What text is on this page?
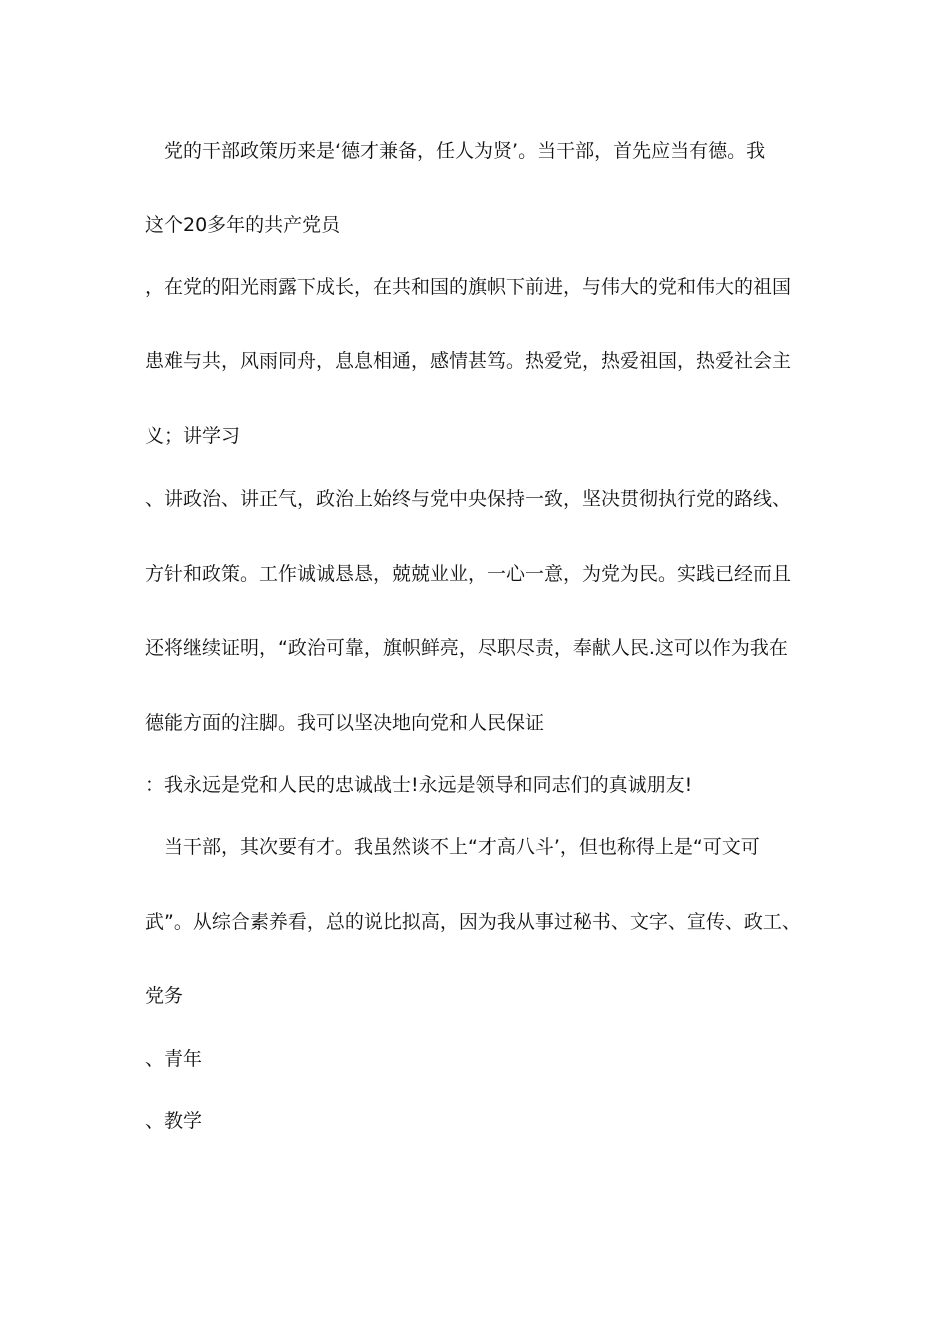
　党的干部政策历来是‘德才兼备，任人为贤’。当干部，首先应当有德。我
这个20多年的共产党员
，在党的阳光雨露下成长，在共和国的旗帜下前进，与伟大的党和伟大的祖国
患难与共，风雨同舟，息息相通，感情甚笃。热爱党，热爱祖国，热爱社会主
义；讲学习
、讲政治、讲正气，政治上始终与党中央保持一致，坚决贯彻执行党的路线、
方针和政策。工作诚诚恳恳，兢兢业业，一心一意，为党为民。实践已经而且
还将继续证明，“政治可靠，旗帜鲜亮，尽职尽责，奉献人民.这可以作为我在
德能方面的注脚。我可以坚决地向党和人民保证
：我永远是党和人民的忠诚战士!永远是领导和同志们的真诚朋友!
　当干部，其次要有才。我虽然谈不上“才高八斗’，但也称得上是“可文可
武”。从综合素养看，总的说比拟高，因为我从事过秘书、文字、宣传、政工、
党务
、青年
、教学
